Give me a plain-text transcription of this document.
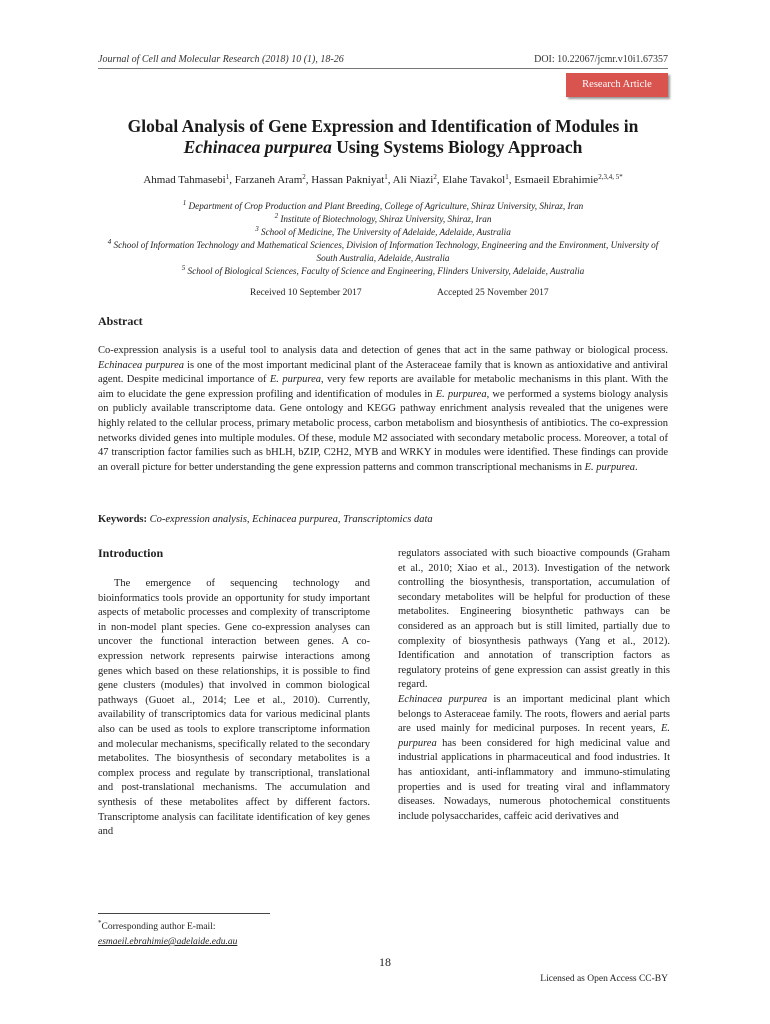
Journal of Cell and Molecular Research (2018) 10 (1), 18-26	DOI: 10.22067/jcmr.v10i1.67357
Research Article
Global Analysis of Gene Expression and Identification of Modules in Echinacea purpurea Using Systems Biology Approach
Ahmad Tahmasebi$^1$, Farzaneh Aram$^2$, Hassan Pakniyat$^1$, Ali Niazi$^2$, Elahe Tavakol$^1$, Esmaeil Ebrahimie$^{2,3,4, 5*}$
$^1$ Department of Crop Production and Plant Breeding, College of Agriculture, Shiraz University, Shiraz, Iran
$^2$ Institute of Biotechnology, Shiraz University, Shiraz, Iran
$^3$ School of Medicine, The University of Adelaide, Adelaide, Australia
$^4$ School of Information Technology and Mathematical Sciences, Division of Information Technology, Engineering and the Environment, University of South Australia, Adelaide, Australia
$^5$ School of Biological Sciences, Faculty of Science and Engineering, Flinders University, Adelaide, Australia
Received 10 September 2017	Accepted 25 November 2017
Abstract
Co-expression analysis is a useful tool to analysis data and detection of genes that act in the same pathway or biological process. Echinacea purpurea is one of the most important medicinal plant of the Asteraceae family that is known as antioxidative and antiviral agent. Despite medicinal importance of E. purpurea, very few reports are available for metabolic mechanisms in this plant. With the aim to elucidate the gene expression profiling and identification of modules in E. purpurea, we performed a systems biology analysis on publicly available transcriptome data. Gene ontology and KEGG pathway enrichment analysis revealed that the unigenes were highly related to the cellular process, primary metabolic process, carbon metabolism and biosynthesis of antibiotics. The co-expression networks divided genes into multiple modules. Of these, module M2 associated with secondary metabolic process. Moreover, a total of 47 transcription factor families such as bHLH, bZIP, C2H2, MYB and WRKY in modules were identified. These findings can provide an overall picture for better understanding the gene expression patterns and common transcriptional mechanisms in E. purpurea.
Keywords: Co-expression analysis, Echinacea purpurea, Transcriptomics data
Introduction
The emergence of sequencing technology and bioinformatics tools provide an opportunity for study important aspects of metabolic processes and complexity of transcriptome in non-model plant species. Gene co-expression analyses can uncover the functional interaction between genes. A co-expression network represents pairwise interactions among genes which based on these relationships, it is possible to find gene clusters (modules) that involved in common biological pathways (Guoet al., 2014; Lee et al., 2010). Currently, availability of transcriptomics data for various medicinal plants also can be used as tools to explore transcriptome information and molecular mechanisms, specifically related to the secondary metabolites. The biosynthesis of secondary metabolites is a complex process and regulate by transcriptional, translational and post-translational mechanisms. The accumulation and synthesis of these metabolites affect by different factors. Transcriptome analysis can facilitate identification of key genes and
regulators associated with such bioactive compounds (Graham et al., 2010; Xiao et al., 2013). Investigation of the network controlling the biosynthesis, transportation, accumulation of secondary metabolites will be helpful for production of these metabolites. Engineering biosynthetic pathways can be considered as an approach but is still limited, partially due to complexity of biosynthesis pathways (Yang et al., 2012). Identification and annotation of transcription factors as regulatory proteins of gene expression can assist greatly in this regard.
Echinacea purpurea is an important medicinal plant which belongs to Asteraceae family. The roots, flowers and aerial parts are used mainly for medicinal purposes. In recent years, E. purpurea has been considered for high medicinal value and industrial applications in pharmaceutical and food industries. It has antioxidant, anti-inflammatory and immuno-stimulating properties and is used for treating viral and inflammatory diseases. Nowadays, numerous photochemical constituents include polysaccharides, caffeic acid derivatives and
*Corresponding author E-mail:
esmaeil.ebrahimie@adelaide.edu.au
18
Licensed as Open Access CC-BY
